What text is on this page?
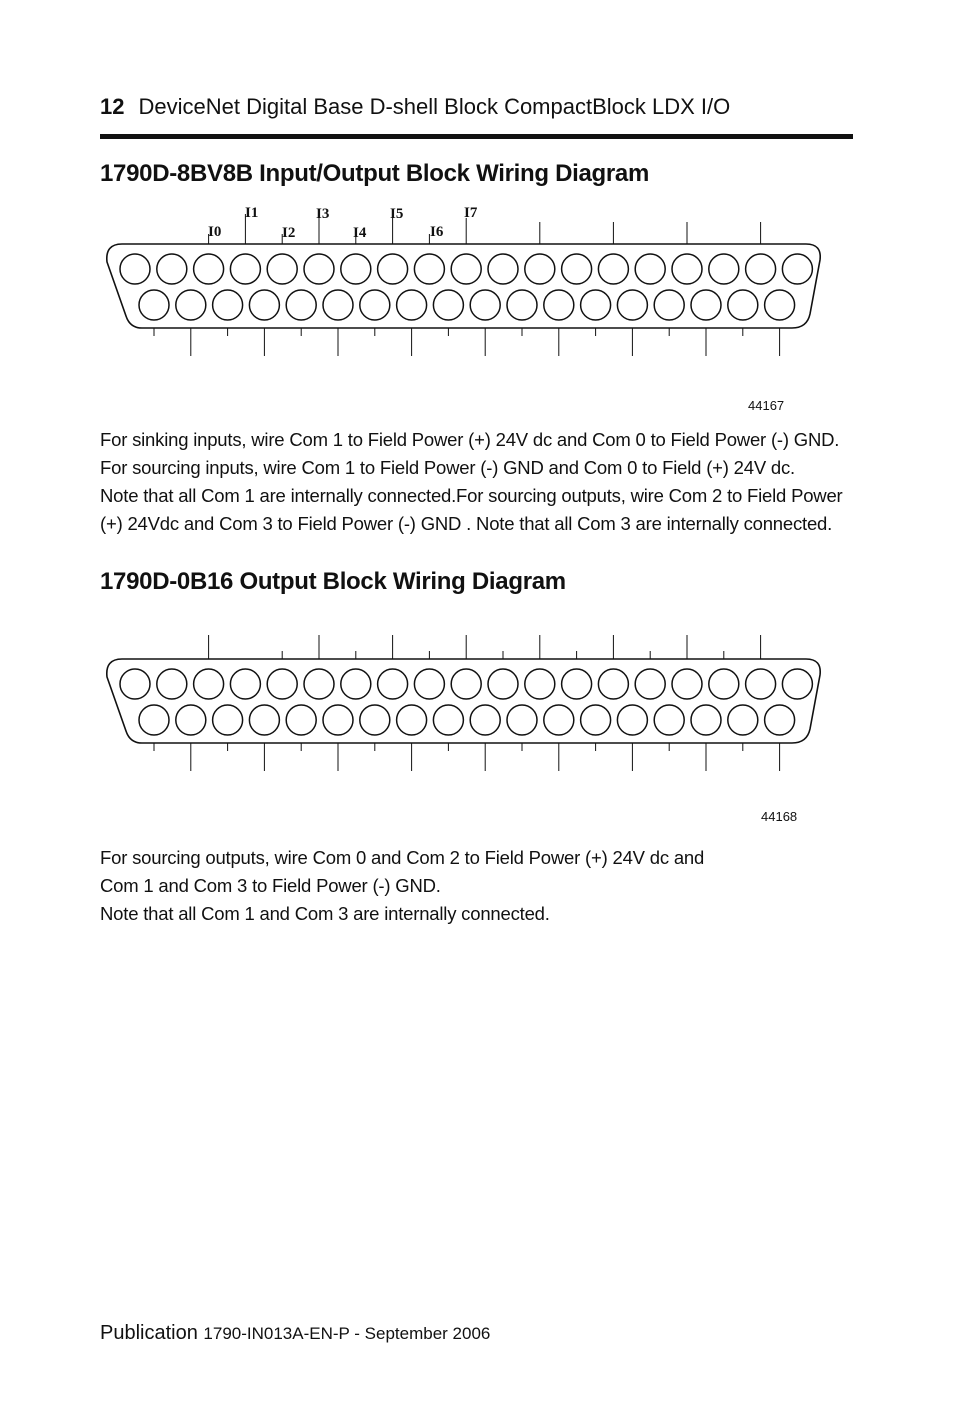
12 DeviceNet Digital Base D-shell Block CompactBlock LDX I/O
1790D-8BV8B Input/Output Block Wiring Diagram
I0
I1
I2
I3
I4
I5
I6
I7
44167
For sinking inputs, wire Com 1 to Field Power (+) 24V dc and Com 0 to Field Power (-) GND.
For sourcing inputs, wire Com 1 to Field Power (-) GND and Com 0 to Field (+) 24V dc.
Note that all Com 1 are internally connected.For sourcing outputs, wire Com 2 to Field Power
(+) 24Vdc and Com 3 to Field Power (-) GND . Note that all Com 3 are internally connected.
1790D-0B16 Output Block Wiring Diagram
44168
For sourcing outputs, wire Com 0 and Com 2 to Field Power (+) 24V dc and
Com 1 and Com 3 to Field Power (-) GND.
Note that all Com 1 and Com 3 are internally connected.
Publication 1790-IN013A-EN-P - September 2006
